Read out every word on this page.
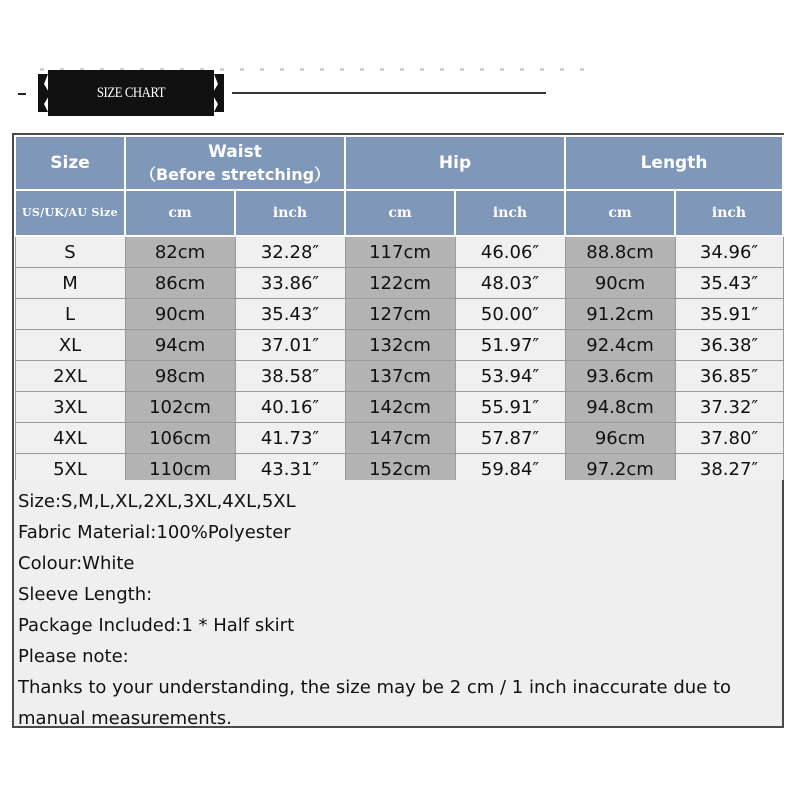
SIZE CHART
Size	Waist
（Before stretching）		Hip		Length	
US/UK/AU Size	cm	inch	cm	inch	cm	inch
S	82cm	32.28″	117cm	46.06″	88.8cm	34.96″
M	86cm	33.86″	122cm	48.03″	90cm	35.43″
L	90cm	35.43″	127cm	50.00″	91.2cm	35.91″
XL	94cm	37.01″	132cm	51.97″	92.4cm	36.38″
2XL	98cm	38.58″	137cm	53.94″	93.6cm	36.85″
3XL	102cm	40.16″	142cm	55.91″	94.8cm	37.32″
4XL	106cm	41.73″	147cm	57.87″	96cm	37.80″
5XL	110cm	43.31″	152cm	59.84″	97.2cm	38.27″
Size:S,M,L,XL,2XL,3XL,4XL,5XL
Fabric Material:100%Polyester
Colour:White
Sleeve Length:
Package Included:1 * Half skirt
Please note:
Thanks to your understanding, the size may be 2 cm / 1 inch inaccurate due to manual measurements.
